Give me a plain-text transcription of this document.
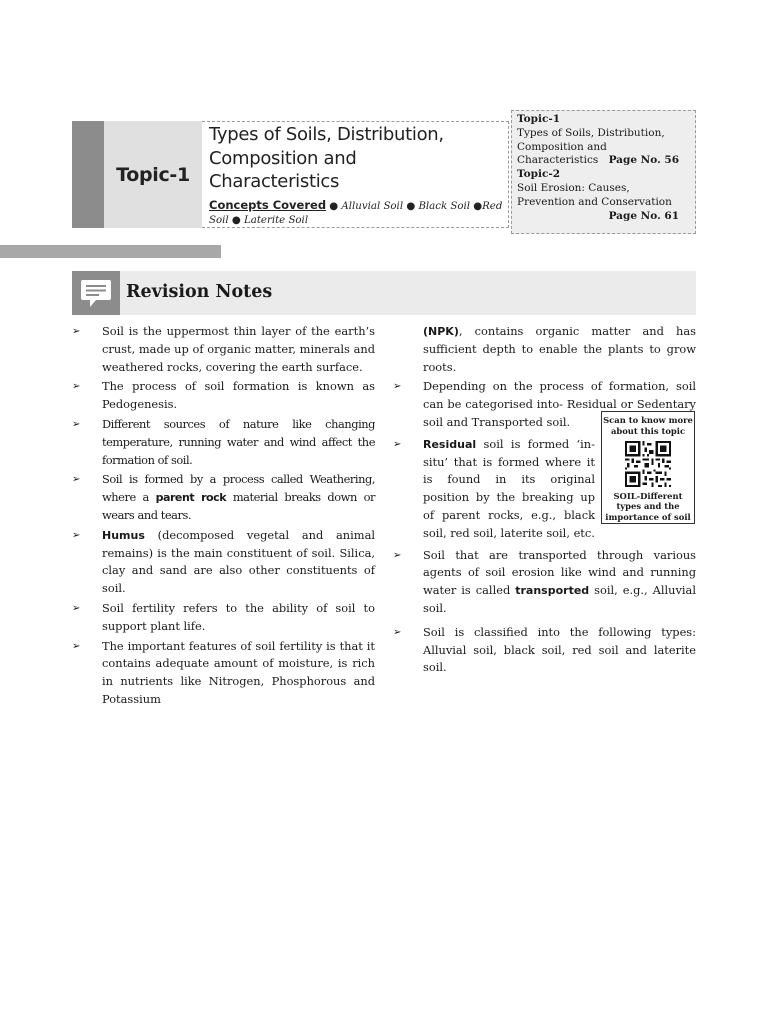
Topic-1

Types of Soils, Distribution,
Composition and
Characteristics

Concepts Covered ● Alluvial Soil ● Black Soil ●Red
Soil ● Laterite Soil
Topic-1
Types of Soils, Distribution,
Composition and
Characteristics Page No. 56
Topic-2
Soil Erosion: Causes,
Prevention and Conservation
Page No. 61
Revision Notes
➢ Soil is the uppermost thin layer of the earth’s crust, made up of organic matter, minerals and weathered rocks, covering the earth surface.
➢ The process of soil formation is known as Pedogenesis.
➢ Different sources of nature like changing temperature, running water and wind affect the formation of soil.
➢ Soil is formed by a process called Weathering, where a parent rock material breaks down or wears and tears.
➢ Humus (decomposed vegetal and animal remains) is the main constituent of soil. Silica, clay and sand are also other constituents of soil.
➢ Soil fertility refers to the ability of soil to support plant life.
➢ The important features of soil fertility is that it contains adequate amount of moisture, is rich in nutrients like Nitrogen, Phosphorous and Potassium
(NPK), contains organic matter and has sufficient depth to enable the plants to grow roots.
➢ Depending on the process of formation, soil can be categorised into- Residual or Sedentary soil and Transported soil.
➢ Residual soil is formed ‘in-situ’ that is formed where it is found in its original position by the breaking up of parent rocks, e.g., black soil, red soil, laterite soil, etc.
➢ Soil that are transported through various agents of soil erosion like wind and running water is called transported soil, e.g., Alluvial soil.
➢ Soil is classified into the following types: Alluvial soil, black soil, red soil and laterite soil.
Scan to know more
about this topic
SOIL-Different
types and the
importance of soil
